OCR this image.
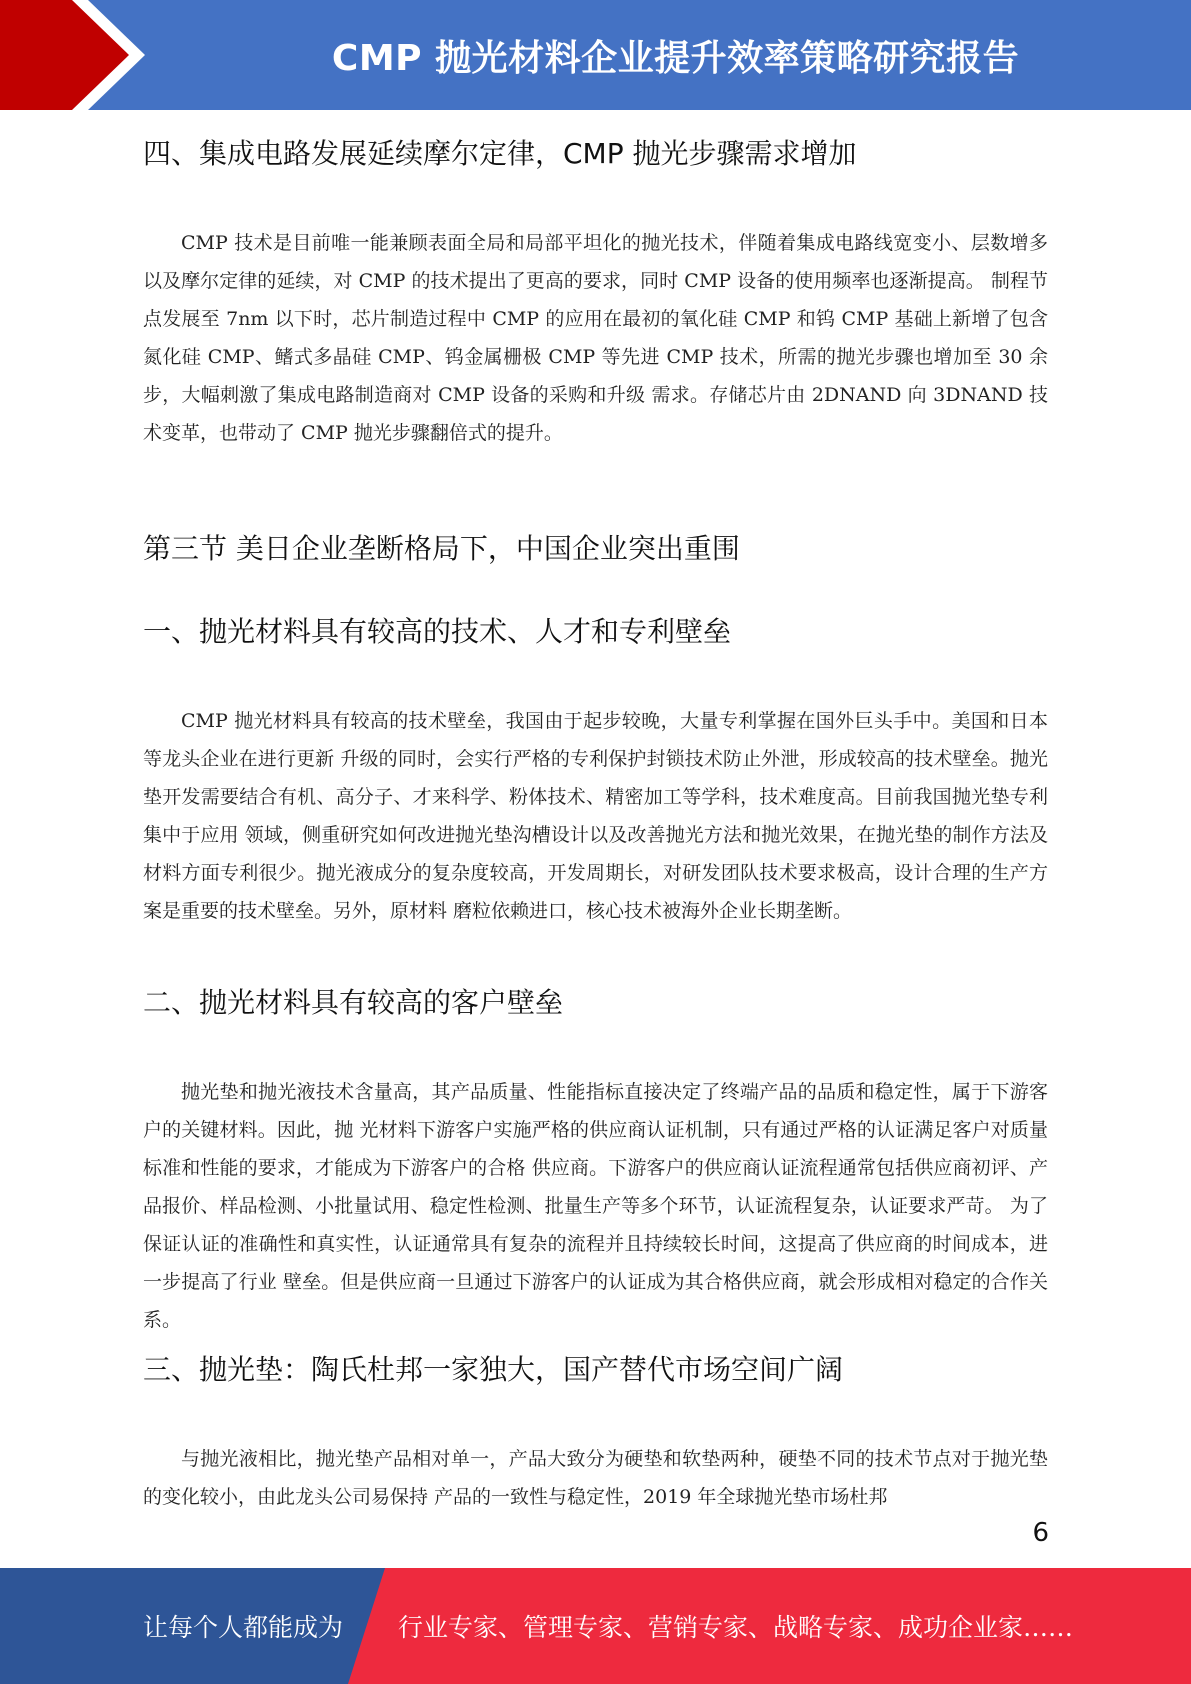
CMP 抛光材料企业提升效率策略研究报告
四、集成电路发展延续摩尔定律，CMP 抛光步骤需求增加

CMP 技术是目前唯一能兼顾表面全局和局部平坦化的抛光技术，伴随着集成电路线宽变小、层数增多以及摩尔定律的延续，对 CMP 的技术提出了更高的要求，同时 CMP 设备的使用频率也逐渐提高。 制程节点发展至 7nm 以下时，芯片制造过程中 CMP 的应用在最初的氧化硅 CMP 和钨 CMP 基础上新增了包含氮化硅 CMP、鳍式多晶硅 CMP、钨金属栅极 CMP 等先进 CMP 技术，所需的抛光步骤也增加至 30 余步，大幅刺激了集成电路制造商对 CMP 设备的采购和升级 需求。存储芯片由 2DNAND 向 3DNAND 技术变革，也带动了 CMP 抛光步骤翻倍式的提升。

第三节 美日企业垄断格局下，中国企业突出重围
一、抛光材料具有较高的技术、人才和专利壁垒

CMP 抛光材料具有较高的技术壁垒，我国由于起步较晚，大量专利掌握在国外巨头手中。美国和日本等龙头企业在进行更新 升级的同时，会实行严格的专利保护封锁技术防止外泄，形成较高的技术壁垒。抛光垫开发需要结合有机、高分子、才来科学、粉体技术、精密加工等学科，技术难度高。目前我国抛光垫专利集中于应用 领域，侧重研究如何改进抛光垫沟槽设计以及改善抛光方法和抛光效果，在抛光垫的制作方法及材料方面专利很少。抛光液成分的复杂度较高，开发周期长，对研发团队技术要求极高，设计合理的生产方案是重要的技术壁垒。另外，原材料 磨粒依赖进口，核心技术被海外企业长期垄断。

二、抛光材料具有较高的客户壁垒

抛光垫和抛光液技术含量高，其产品质量、性能指标直接决定了终端产品的品质和稳定性，属于下游客户的关键材料。因此，抛 光材料下游客户实施严格的供应商认证机制，只有通过严格的认证满足客户对质量标准和性能的要求，才能成为下游客户的合格 供应商。下游客户的供应商认证流程通常包括供应商初评、产品报价、样品检测、小批量试用、稳定性检测、批量生产等多个环节，认证流程复杂，认证要求严苛。 为了保证认证的准确性和真实性，认证通常具有复杂的流程并且持续较长时间，这提高了供应商的时间成本，进一步提高了行业 壁垒。但是供应商一旦通过下游客户的认证成为其合格供应商，就会形成相对稳定的合作关系。

三、抛光垫：陶氏杜邦一家独大，国产替代市场空间广阔

与抛光液相比，抛光垫产品相对单一，产品大致分为硬垫和软垫两种，硬垫不同的技术节点对于抛光垫的变化较小，由此龙头公司易保持 产品的一致性与稳定性，2019 年全球抛光垫市场杜邦

6
让每个人都能成为 行业专家、管理专家、营销专家、战略专家、成功企业家……
